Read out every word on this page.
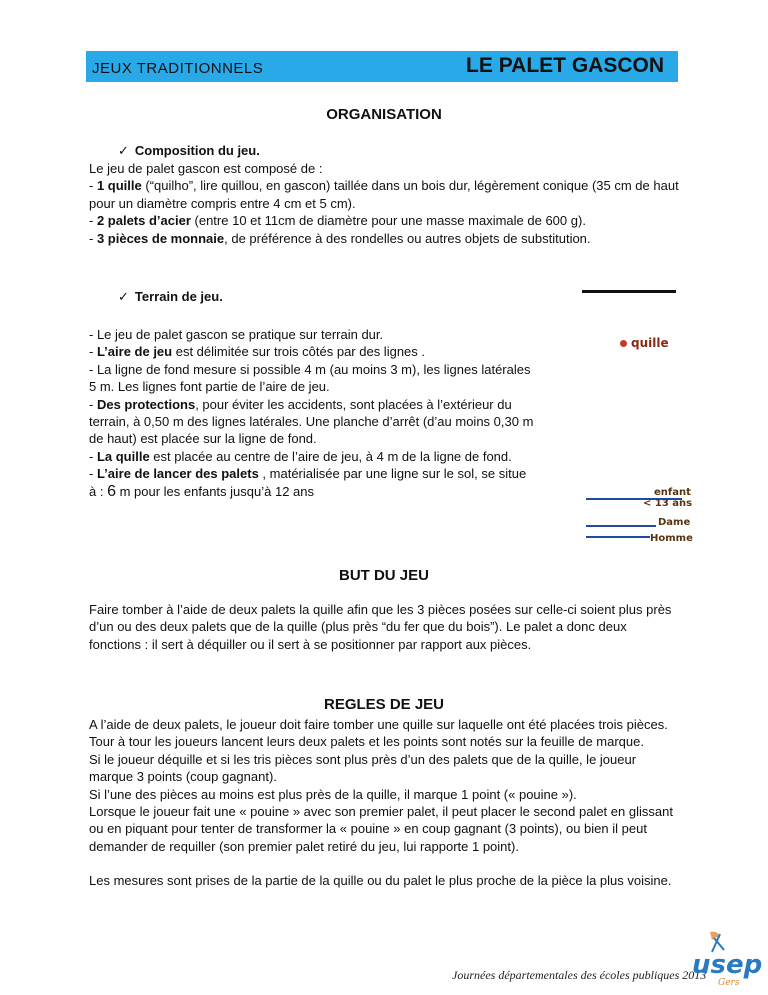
JEUX TRADITIONNELS	LE PALET GASCON
ORGANISATION
✓ Composition du jeu.

Le jeu de palet gascon est composé de :

- 1 quille (“quilho”, lire quillou, en gascon) taillée dans un bois dur, légèrement conique (35 cm de haut pour un diamètre compris entre 4 cm et 5 cm).

- 2 palets d’acier (entre 10 et 11cm de diamètre pour une masse maximale de 600 g).

- 3 pièces de monnaie, de préférence à des rondelles ou autres objets de substitution.

✓ Terrain de jeu.

- Le jeu de palet gascon se pratique sur terrain dur.

- L’aire de jeu est délimitée sur trois côtés par des lignes .

- La ligne de fond mesure si possible 4 m (au moins 3 m), les lignes latérales 5 m. Les lignes font partie de l’aire de jeu.

- Des protections, pour éviter les accidents, sont placées à l’extérieur du terrain, à 0,50 m des lignes latérales. Une planche d’arrêt (d’au moins 0,30 m de haut) est placée sur la ligne de fond.

- La quille est placée au centre de l’aire de jeu, à 4 m de la ligne de fond.

- L’aire de lancer des palets , matérialisée par une ligne sur le sol, se situe à : 6 m pour les enfants jusqu’à 12 ans

quille
enfant
< 13 ans
Dame
Homme
BUT DU JEU
Faire tomber à l’aide de deux palets la quille afin que les 3 pièces posées sur celle-ci soient plus près d’un ou des deux palets que de la quille (plus près “du fer que du bois”). Le palet a donc deux fonctions : il sert à déquiller ou il sert à se positionner par rapport aux pièces.
REGLES DE JEU

A l’aide de deux palets, le joueur doit faire tomber une quille sur laquelle ont été placées trois pièces. Tour à tour les joueurs lancent leurs deux palets et les points sont notés sur la feuille de marque.

Si le joueur déquille et si les tris pièces sont plus près d’un des palets que de la quille, le joueur marque 3 points (coup gagnant).

Si l’une des pièces au moins est plus près de la quille, il marque 1 point (« pouine »).

Lorsque le joueur fait une « pouine » avec son premier palet, il peut placer le second palet en glissant ou en piquant pour tenter de transformer la « pouine » en coup gagnant (3 points), ou bien il peut demander de requiller (son premier palet retiré du jeu, lui rapporte 1 point).

Les mesures sont prises de la partie de la quille ou du palet le plus proche de la pièce la plus voisine.

Journées départementales des écoles publiques 2013
usep
Gers
